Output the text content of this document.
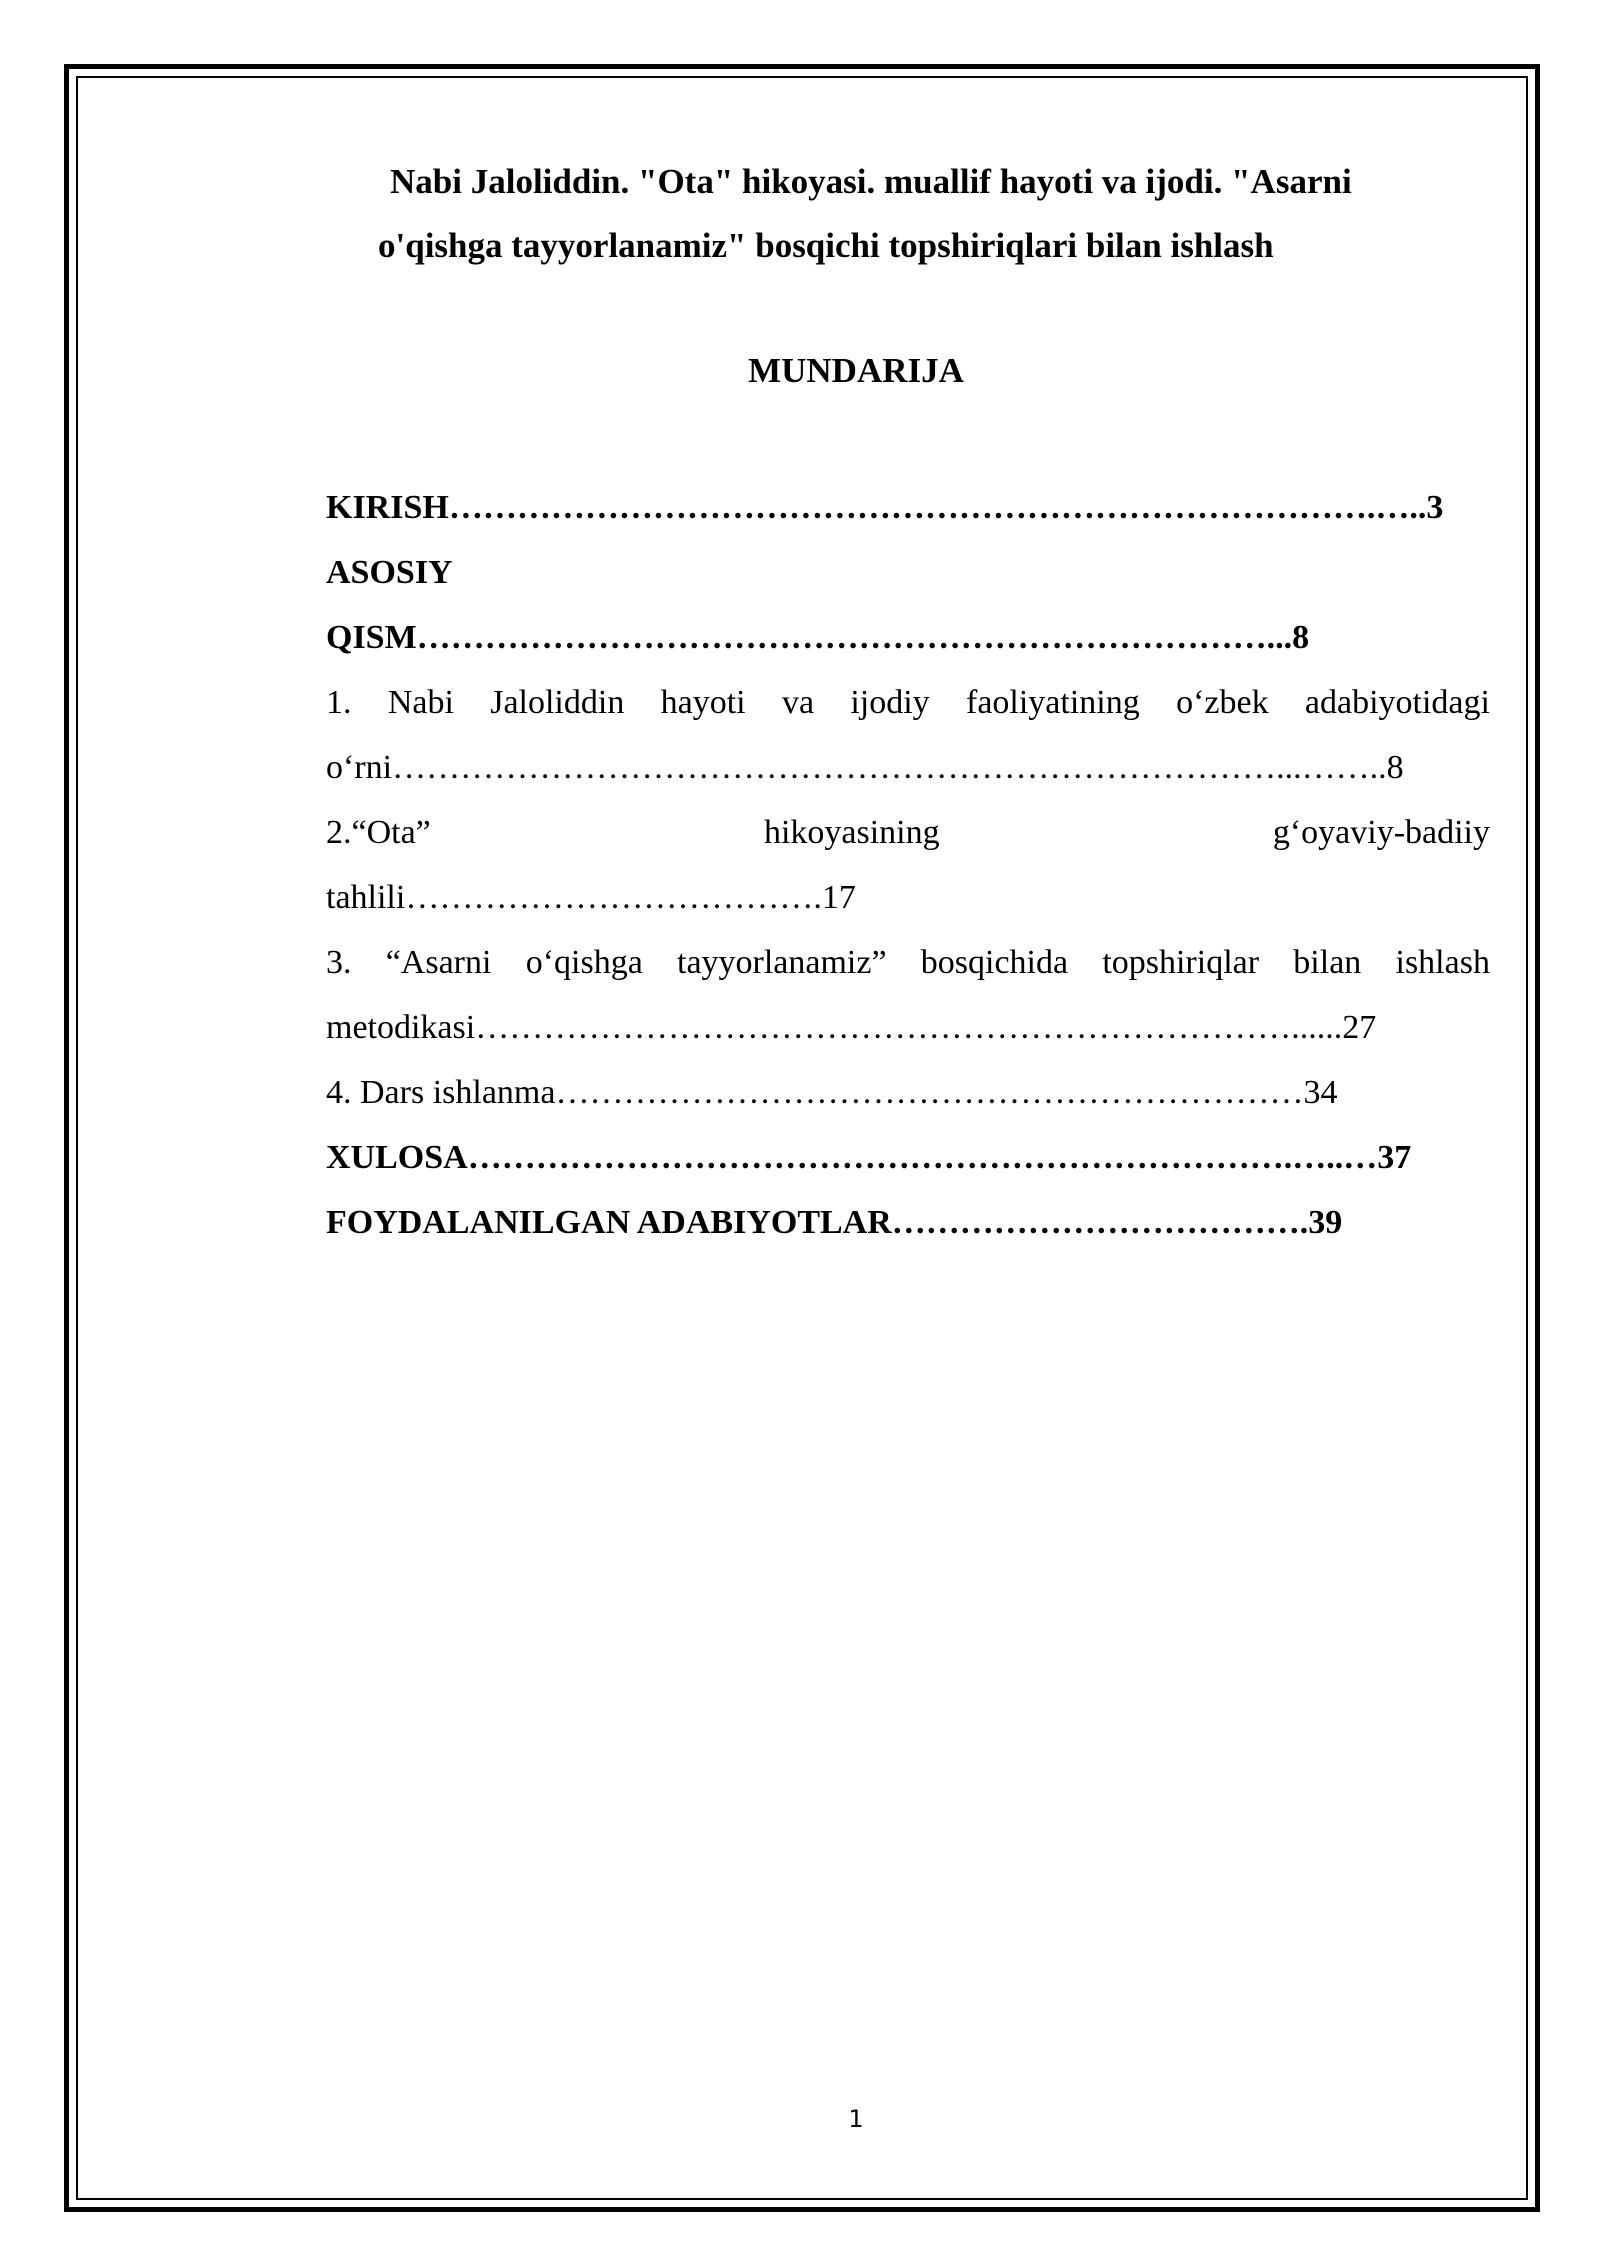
Nabi Jaloliddin. "Ota" hikoyasi. muallif hayoti va ijodi. "Asarni
o'qishga tayyorlanamiz" bosqichi topshiriqlari bilan ishlash
MUNDARIJA
KIRISH……………………………………………………………………….…..3
ASOSIY
QISM…………………………………………………………………...8
1. Nabi Jaloliddin hayoti va ijodiy faoliyatining o‘zbek adabiyotidagi
o‘rni……………………………………………………………………...……..8
2.“Ota”	hikoyasining	g‘oyaviy-badiiy
tahlili……………………………….17
3. “Asarni o‘qishga tayyorlanamiz” bosqichida topshiriqlar bilan ishlash
metodikasi………………………………………………………………......27
4. Dars ishlanma…………………………………………………………34
XULOSA……………………………………………………………….…..…37
FOYDALANILGAN ADABIYOTLAR……………………………….39
1
